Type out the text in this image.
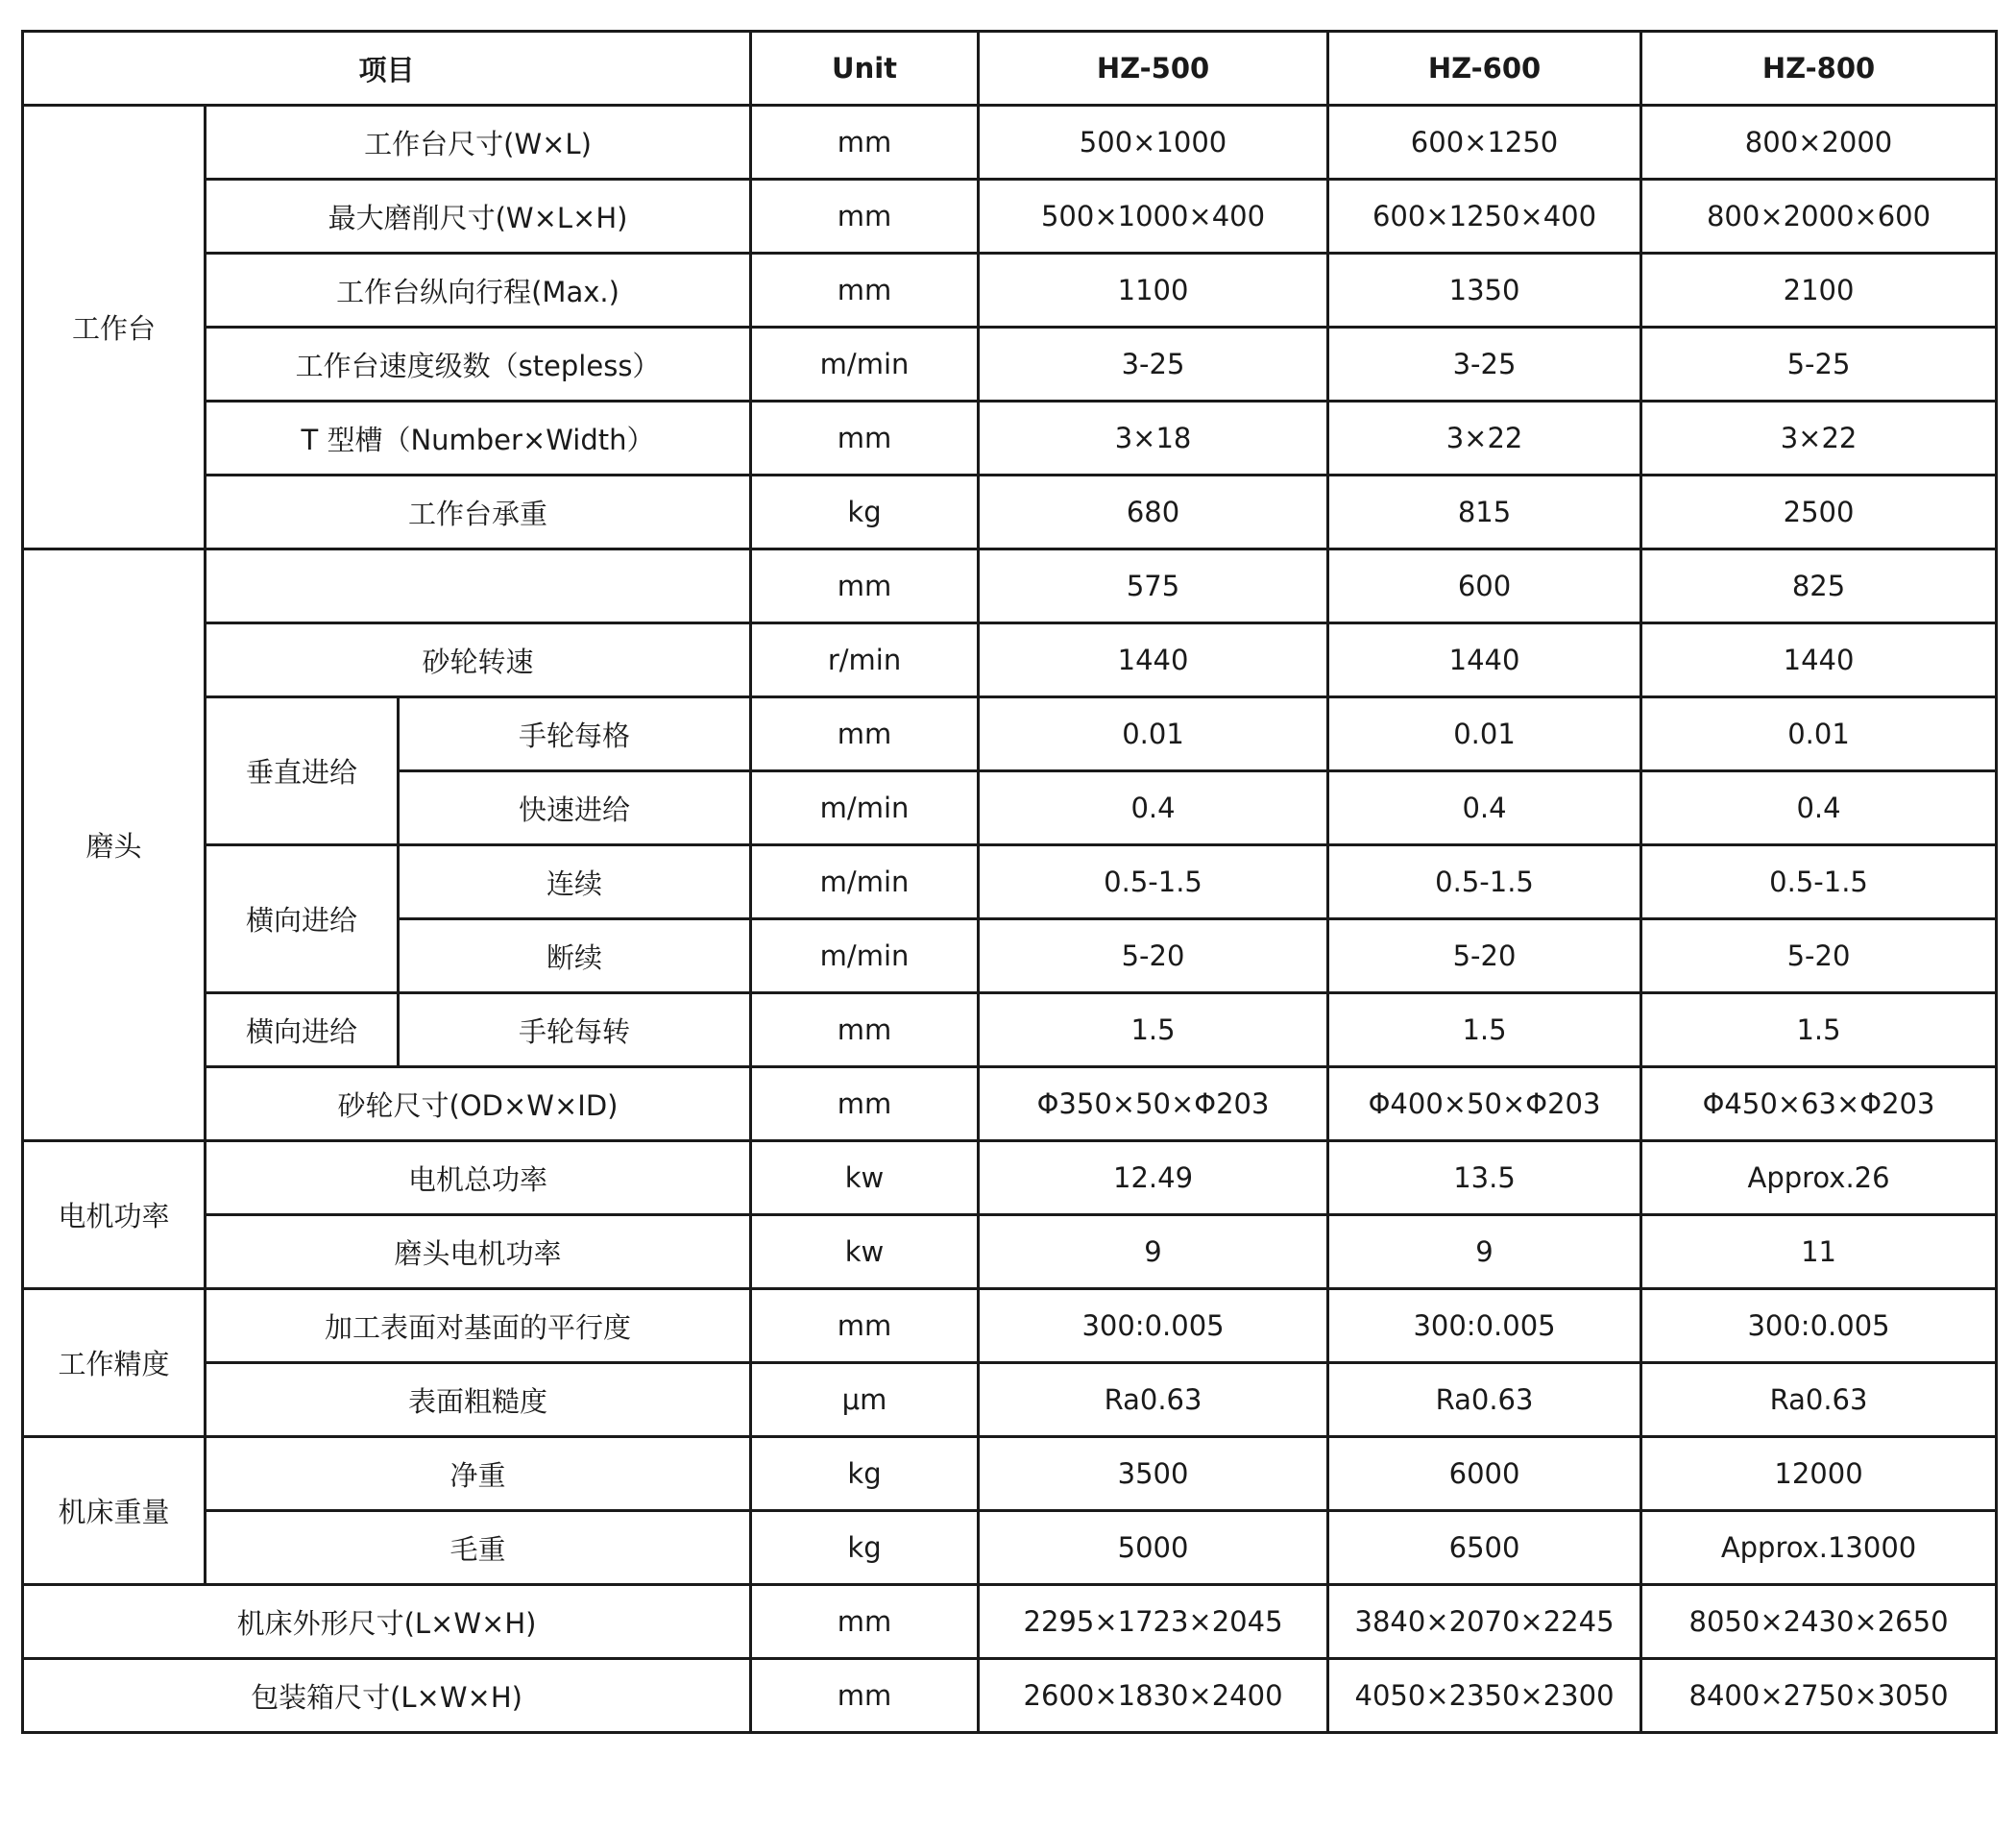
项目			Unit	HZ-500	HZ-600	HZ-800
工作台	工作台尺寸(W×L)		mm	500×1000	600×1250	800×2000
	最大磨削尺寸(W×L×H)		mm	500×1000×400	600×1250×400	800×2000×600
	工作台纵向行程(Max.)		mm	1100	1350	2100
	工作台速度级数（stepless）		m/min	3-25	3-25	5-25
	T 型槽（Number×Width）		mm	3×18	3×22	3×22
	工作台承重		kg	680	815	2500
磨头			mm	575	600	825
	砂轮转速		r/min	1440	1440	1440
	垂直进给	手轮每格	mm	0.01	0.01	0.01
		快速进给	m/min	0.4	0.4	0.4
	横向进给	连续	m/min	0.5-1.5	0.5-1.5	0.5-1.5
		断续	m/min	5-20	5-20	5-20
	横向进给	手轮每转	mm	1.5	1.5	1.5
	砂轮尺寸(OD×W×ID)		mm	Φ350×50×Φ203	Φ400×50×Φ203	Φ450×63×Φ203
电机功率	电机总功率		kw	12.49	13.5	Approx.26
	磨头电机功率		kw	9	9	11
工作精度	加工表面对基面的平行度		mm	300:0.005	300:0.005	300:0.005
	表面粗糙度		μm	Ra0.63	Ra0.63	Ra0.63
机床重量	净重		kg	3500	6000	12000
	毛重		kg	5000	6500	Approx.13000
机床外形尺寸(L×W×H)			mm	2295×1723×2045	3840×2070×2245	8050×2430×2650
包装箱尺寸(L×W×H)			mm	2600×1830×2400	4050×2350×2300	8400×2750×3050
